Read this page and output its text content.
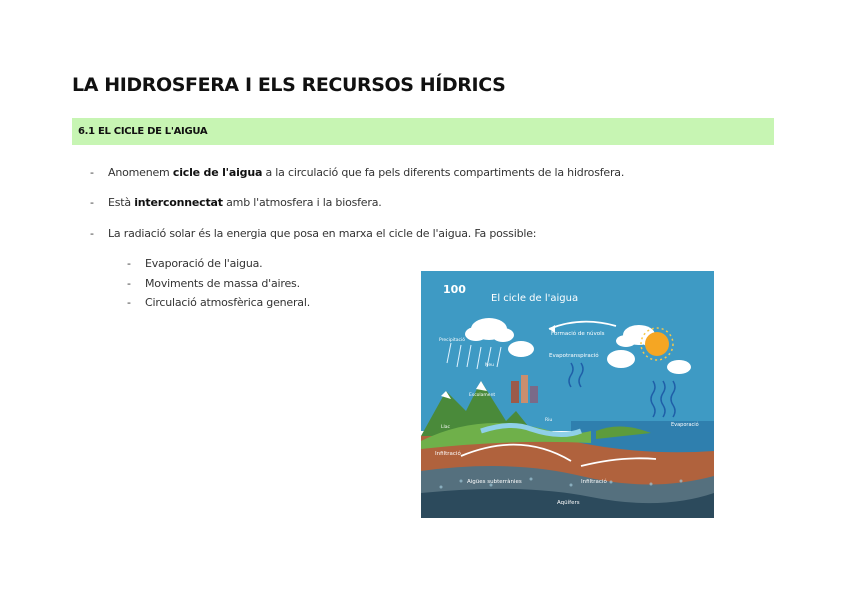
LA HIDROSFERA I ELS RECURSOS HÍDRICS
6.1 EL CICLE DE L'AIGUA
- Anomenem cicle de l'aigua a la circulació que fa pels diferents compartiments de la hidrosfera.
- Està interconnectat amb l'atmosfera i la biosfera.
- La radiació solar és la energia que posa en marxa el cicle de l'aigua. Fa possible:
- Evaporació de l'aigua.
- Moviments de massa d'aires.
- Circulació atmosfèrica general.
100
El cicle de l'aigua
Formació de núvols
Evapotranspiració
Precipitació
Neu
Escolament
Llac
Riu
Evaporació
Infiltració
Infiltració
Aigües subterrànies
Aqüífers
